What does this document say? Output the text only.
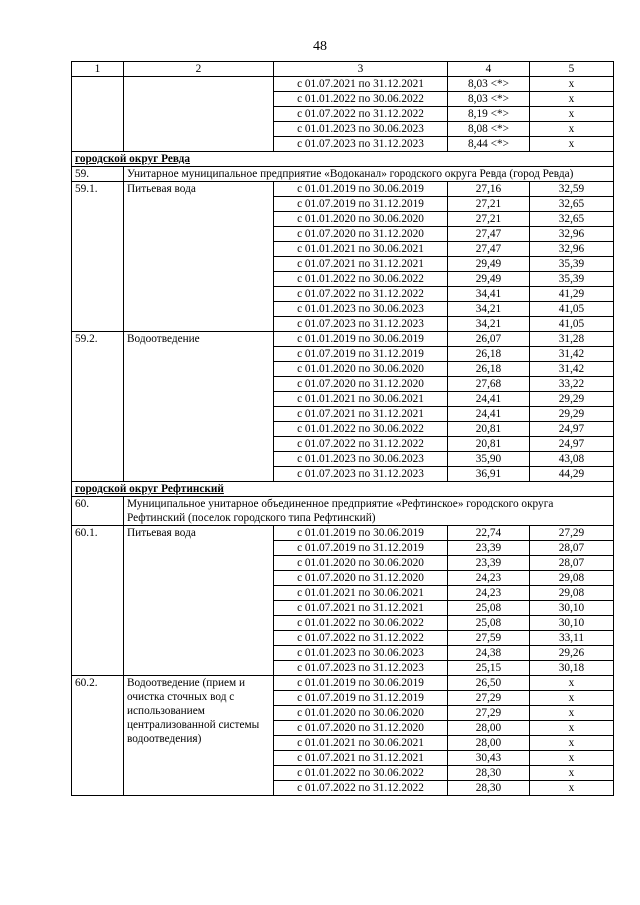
48
1	2	3	4	5
		с 01.07.2021 по 31.12.2021	8,03 <*>	х
		с 01.01.2022 по 30.06.2022	8,03 <*>	х
		с 01.07.2022 по 31.12.2022	8,19 <*>	х
		с 01.01.2023 по 30.06.2023	8,08 <*>	х
		с 01.07.2023 по 31.12.2023	8,44 <*>	х
городской округ Ревда				
59.	Унитарное муниципальное предприятие «Водоканал» городского округа Ревда (город Ревда)			
59.1.	Питьевая вода	с 01.01.2019 по 30.06.2019	27,16	32,59
		с 01.07.2019 по 31.12.2019	27,21	32,65
		с 01.01.2020 по 30.06.2020	27,21	32,65
		с 01.07.2020 по 31.12.2020	27,47	32,96
		с 01.01.2021 по 30.06.2021	27,47	32,96
		с 01.07.2021 по 31.12.2021	29,49	35,39
		с 01.01.2022 по 30.06.2022	29,49	35,39
		с 01.07.2022 по 31.12.2022	34,41	41,29
		с 01.01.2023 по 30.06.2023	34,21	41,05
		с 01.07.2023 по 31.12.2023	34,21	41,05
59.2.	Водоотведение	с 01.01.2019 по 30.06.2019	26,07	31,28
		с 01.07.2019 по 31.12.2019	26,18	31,42
		с 01.01.2020 по 30.06.2020	26,18	31,42
		с 01.07.2020 по 31.12.2020	27,68	33,22
		с 01.01.2021 по 30.06.2021	24,41	29,29
		с 01.07.2021 по 31.12.2021	24,41	29,29
		с 01.01.2022 по 30.06.2022	20,81	24,97
		с 01.07.2022 по 31.12.2022	20,81	24,97
		с 01.01.2023 по 30.06.2023	35,90	43,08
		с 01.07.2023 по 31.12.2023	36,91	44,29
городской округ Рефтинский				
60.	Муниципальное унитарное объединенное предприятие «Рефтинское» городского округа Рефтинский (поселок городского типа Рефтинский)			
60.1.	Питьевая вода	с 01.01.2019 по 30.06.2019	22,74	27,29
		с 01.07.2019 по 31.12.2019	23,39	28,07
		с 01.01.2020 по 30.06.2020	23,39	28,07
		с 01.07.2020 по 31.12.2020	24,23	29,08
		с 01.01.2021 по 30.06.2021	24,23	29,08
		с 01.07.2021 по 31.12.2021	25,08	30,10
		с 01.01.2022 по 30.06.2022	25,08	30,10
		с 01.07.2022 по 31.12.2022	27,59	33,11
		с 01.01.2023 по 30.06.2023	24,38	29,26
		с 01.07.2023 по 31.12.2023	25,15	30,18
60.2.	Водоотведение (прием и очистка сточных вод с использованием централизованной системы водоотведения)	с 01.01.2019 по 30.06.2019	26,50	х
		с 01.07.2019 по 31.12.2019	27,29	х
		с 01.01.2020 по 30.06.2020	27,29	х
		с 01.07.2020 по 31.12.2020	28,00	х
		с 01.01.2021 по 30.06.2021	28,00	х
		с 01.07.2021 по 31.12.2021	30,43	х
		с 01.01.2022 по 30.06.2022	28,30	х
		с 01.07.2022 по 31.12.2022	28,30	х
